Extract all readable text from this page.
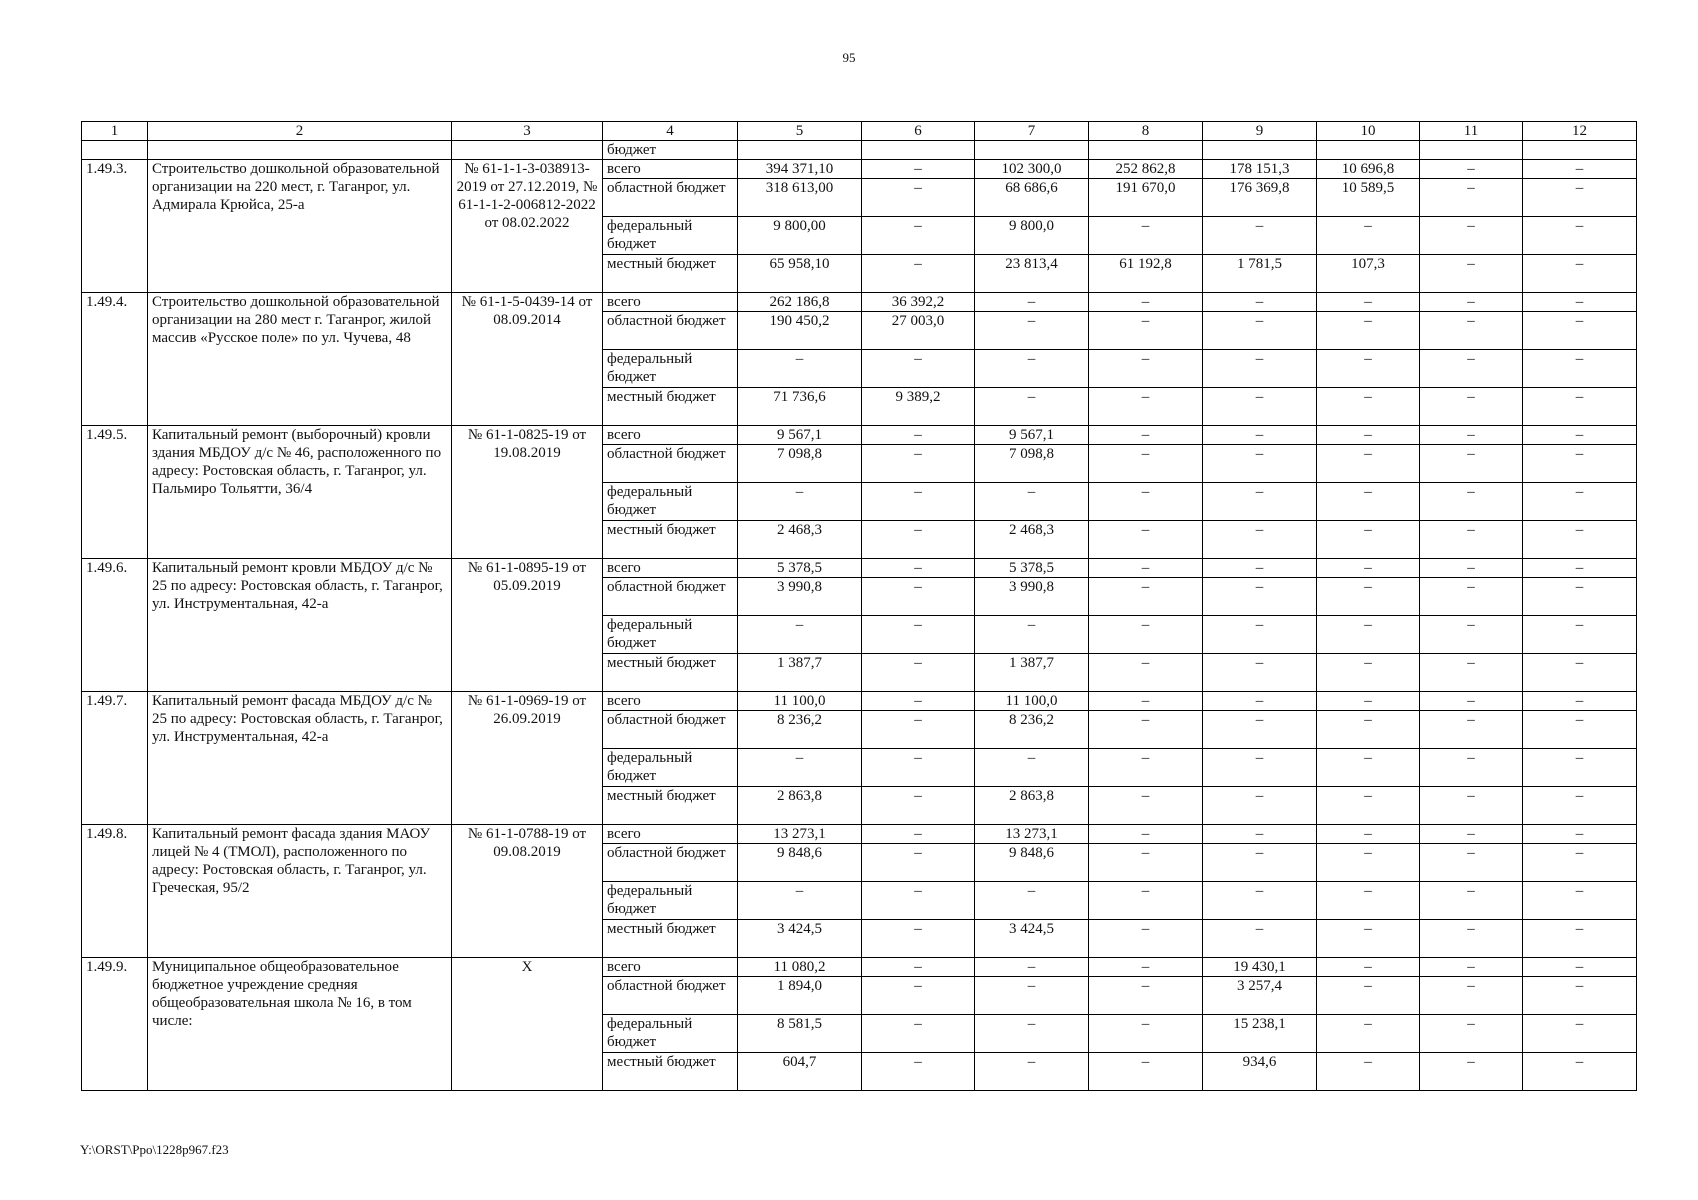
95
1	2	3	4	5	6	7	8	9	10	11	12
			бюджет								
1.49.3.	Строительство дошкольной образовательной организации на 220 мест, г. Таганрог, ул. Адмирала Крюйса, 25-а	№ 61-1-1-3-038913-2019 от 27.12.2019, № 61-1-1-2-006812-2022 от 08.02.2022	всего	394 371,10	–	102 300,0	252 862,8	178 151,3	10 696,8	–	–
			областной бюджет	318 613,00	–	68 686,6	191 670,0	176 369,8	10 589,5	–	–
			федеральный бюджет	9 800,00	–	9 800,0	–	–	–	–	–
			местный бюджет	65 958,10	–	23 813,4	61 192,8	1 781,5	107,3	–	–
1.49.4.	Строительство дошкольной образовательной организации на 280 мест г. Таганрог, жилой массив «Русское поле» по ул. Чучева, 48	№ 61-1-5-0439-14 от 08.09.2014	всего	262 186,8	36 392,2	–	–	–	–	–	–
			областной бюджет	190 450,2	27 003,0	–	–	–	–	–	–
			федеральный бюджет	–	–	–	–	–	–	–	–
			местный бюджет	71 736,6	9 389,2	–	–	–	–	–	–
1.49.5.	Капитальный ремонт (выборочный) кровли здания МБДОУ д/с № 46, расположенного по адресу: Ростовская область, г. Таганрог, ул. Пальмиро Тольятти, 36/4	№ 61-1-0825-19 от 19.08.2019	всего	9 567,1	–	9 567,1	–	–	–	–	–
			областной бюджет	7 098,8	–	7 098,8	–	–	–	–	–
			федеральный бюджет	–	–	–	–	–	–	–	–
			местный бюджет	2 468,3	–	2 468,3	–	–	–	–	–
1.49.6.	Капитальный ремонт кровли МБДОУ д/с № 25 по адресу: Ростовская область, г. Таганрог, ул. Инструментальная, 42-а	№ 61-1-0895-19 от 05.09.2019	всего	5 378,5	–	5 378,5	–	–	–	–	–
			областной бюджет	3 990,8	–	3 990,8	–	–	–	–	–
			федеральный бюджет	–	–	–	–	–	–	–	–
			местный бюджет	1 387,7	–	1 387,7	–	–	–	–	–
1.49.7.	Капитальный ремонт фасада МБДОУ д/с № 25 по адресу: Ростовская область, г. Таганрог, ул. Инструментальная, 42-а	№ 61-1-0969-19 от 26.09.2019	всего	11 100,0	–	11 100,0	–	–	–	–	–
			областной бюджет	8 236,2	–	8 236,2	–	–	–	–	–
			федеральный бюджет	–	–	–	–	–	–	–	–
			местный бюджет	2 863,8	–	2 863,8	–	–	–	–	–
1.49.8.	Капитальный ремонт фасада здания МАОУ лицей № 4 (ТМОЛ), расположенного по адресу: Ростовская область, г. Таганрог, ул. Греческая, 95/2	№ 61-1-0788-19 от 09.08.2019	всего	13 273,1	–	13 273,1	–	–	–	–	–
			областной бюджет	9 848,6	–	9 848,6	–	–	–	–	–
			федеральный бюджет	–	–	–	–	–	–	–	–
			местный бюджет	3 424,5	–	3 424,5	–	–	–	–	–
1.49.9.	Муниципальное общеобразовательное бюджетное учреждение средняя общеобразовательная школа № 16, в том числе:	Х	всего	11 080,2	–	–	–	19 430,1	–	–	–
			областной бюджет	1 894,0	–	–	–	3 257,4	–	–	–
			федеральный бюджет	8 581,5	–	–	–	15 238,1	–	–	–
			местный бюджет	604,7	–	–	–	934,6	–	–	–
Y:\ORST\Ppo\1228p967.f23
